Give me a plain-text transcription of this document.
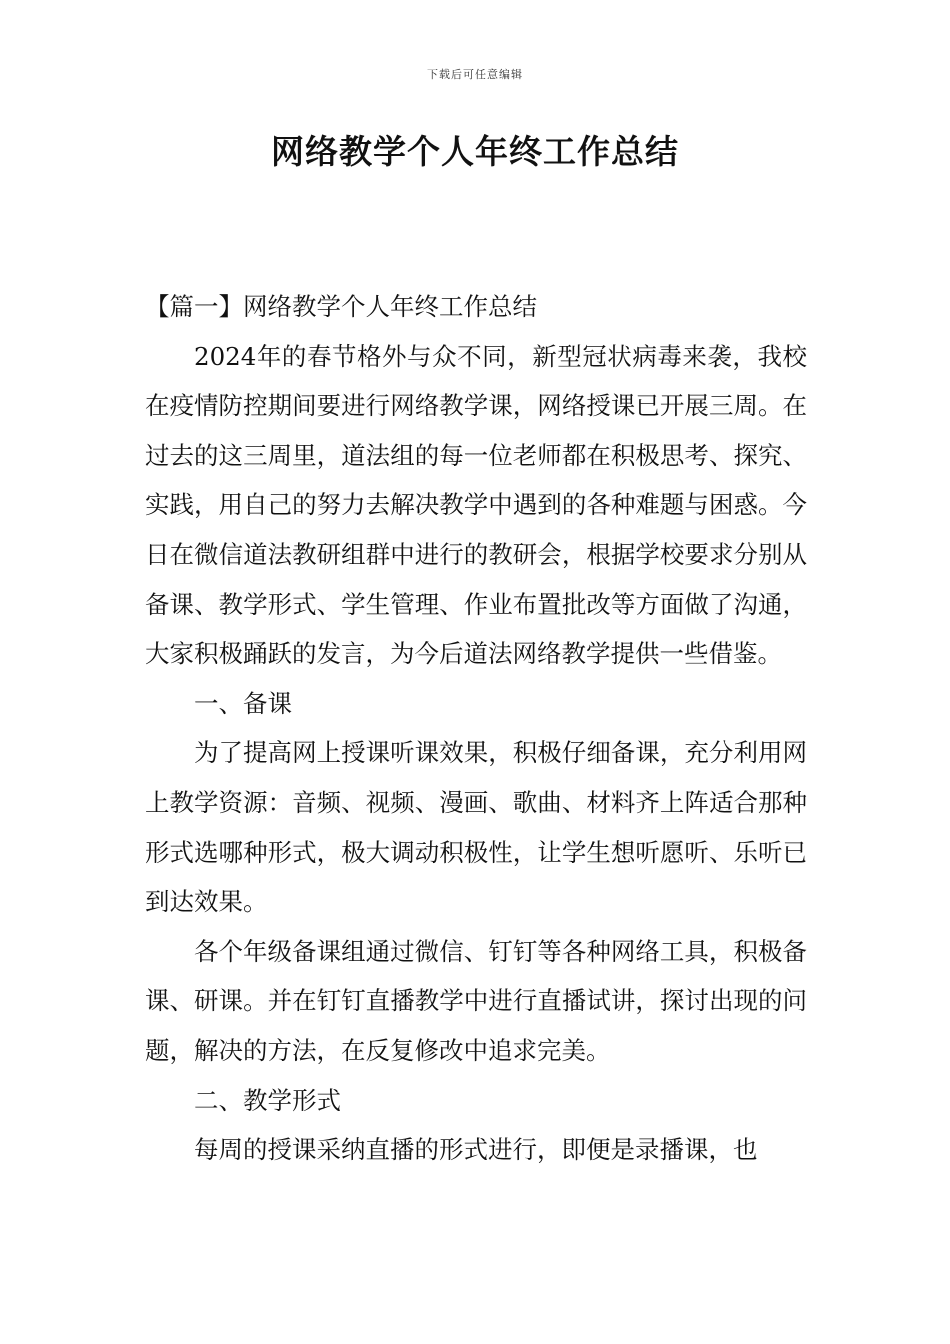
下载后可任意编辑
网络教学个人年终工作总结

【篇一】网络教学个人年终工作总结

2024年的春节格外与众不同，新型冠状病毒来袭，我校在疫情防控期间要进行网络教学课，网络授课已开展三周。在过去的这三周里，道法组的每一位老师都在积极思考、探究、实践，用自己的努力去解决教学中遇到的各种难题与困惑。今日在微信道法教研组群中进行的教研会，根据学校要求分别从备课、教学形式、学生管理、作业布置批改等方面做了沟通，大家积极踊跃的发言，为今后道法网络教学提供一些借鉴。

一、备课

为了提高网上授课听课效果，积极仔细备课，充分利用网上教学资源：音频、视频、漫画、歌曲、材料齐上阵适合那种形式选哪种形式，极大调动积极性，让学生想听愿听、乐听已到达效果。

各个年级备课组通过微信、钉钉等各种网络工具，积极备课、研课。并在钉钉直播教学中进行直播试讲，探讨出现的问题，解决的方法，在反复修改中追求完美。

二、教学形式

每周的授课采纳直播的形式进行，即便是录播课，也
